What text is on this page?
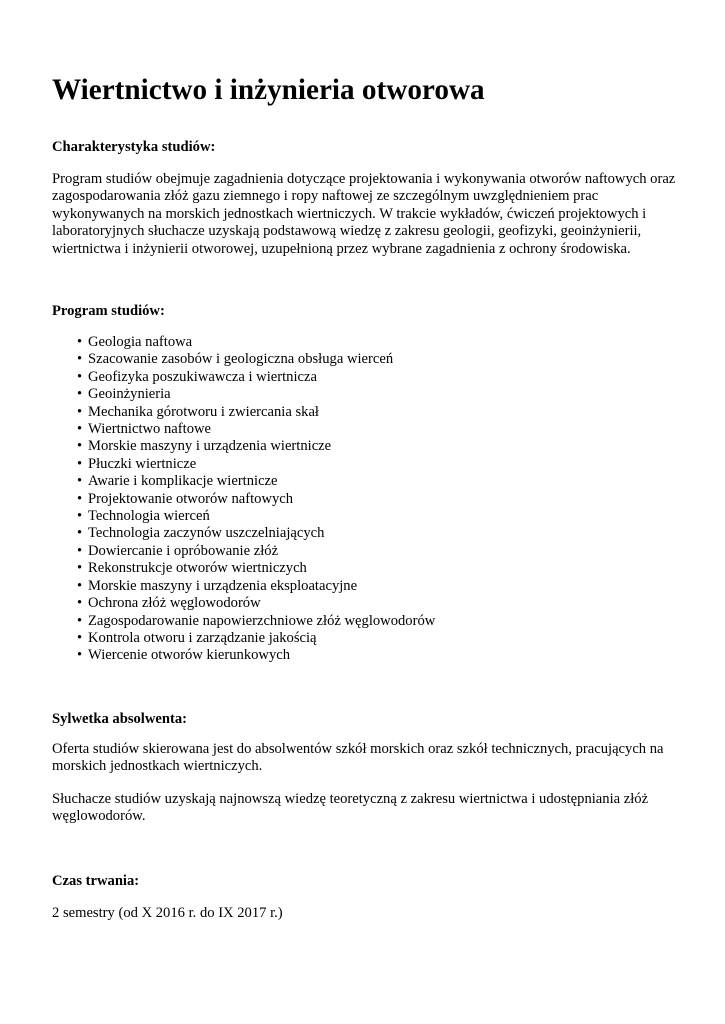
Wiertnictwo i inżynieria otworowa
Charakterystyka studiów:

Program studiów obejmuje zagadnienia dotyczące projektowania i wykonywania otworów naftowych oraz
zagospodarowania złóż gazu ziemnego i ropy naftowej ze szczególnym uwzględnieniem prac
wykonywanych na morskich jednostkach wiertniczych. W trakcie wykładów, ćwiczeń projektowych i
laboratoryjnych słuchacze uzyskają podstawową wiedzę z zakresu geologii, geofizyki, geoinżynierii,
wiertnictwa i inżynierii otworowej, uzupełnioną przez wybrane zagadnienia z ochrony środowiska.

Program studiów:
• Geologia naftowa
• Szacowanie zasobów i geologiczna obsługa wierceń
• Geofizyka poszukiwawcza i wiertnicza
• Geoinżynieria
• Mechanika górotworu i zwiercania skał
• Wiertnictwo naftowe
• Morskie maszyny i urządzenia wiertnicze
• Płuczki wiertnicze
• Awarie i komplikacje wiertnicze
• Projektowanie otworów naftowych
• Technologia wierceń
• Technologia zaczynów uszczelniających
• Dowiercanie i opróbowanie złóż
• Rekonstrukcje otworów wiertniczych
• Morskie maszyny i urządzenia eksploatacyjne
• Ochrona złóż węglowodorów
• Zagospodarowanie napowierzchniowe złóż węglowodorów
• Kontrola otworu i zarządzanie jakością
• Wiercenie otworów kierunkowych
Sylwetka absolwenta:

Oferta studiów skierowana jest do absolwentów szkół morskich oraz szkół technicznych, pracujących na
morskich jednostkach wiertniczych.

Słuchacze studiów uzyskają najnowszą wiedzę teoretyczną z zakresu wiertnictwa i udostępniania złóż
węglowodorów.

Czas trwania:

2 semestry (od X 2016 r. do IX 2017 r.)
